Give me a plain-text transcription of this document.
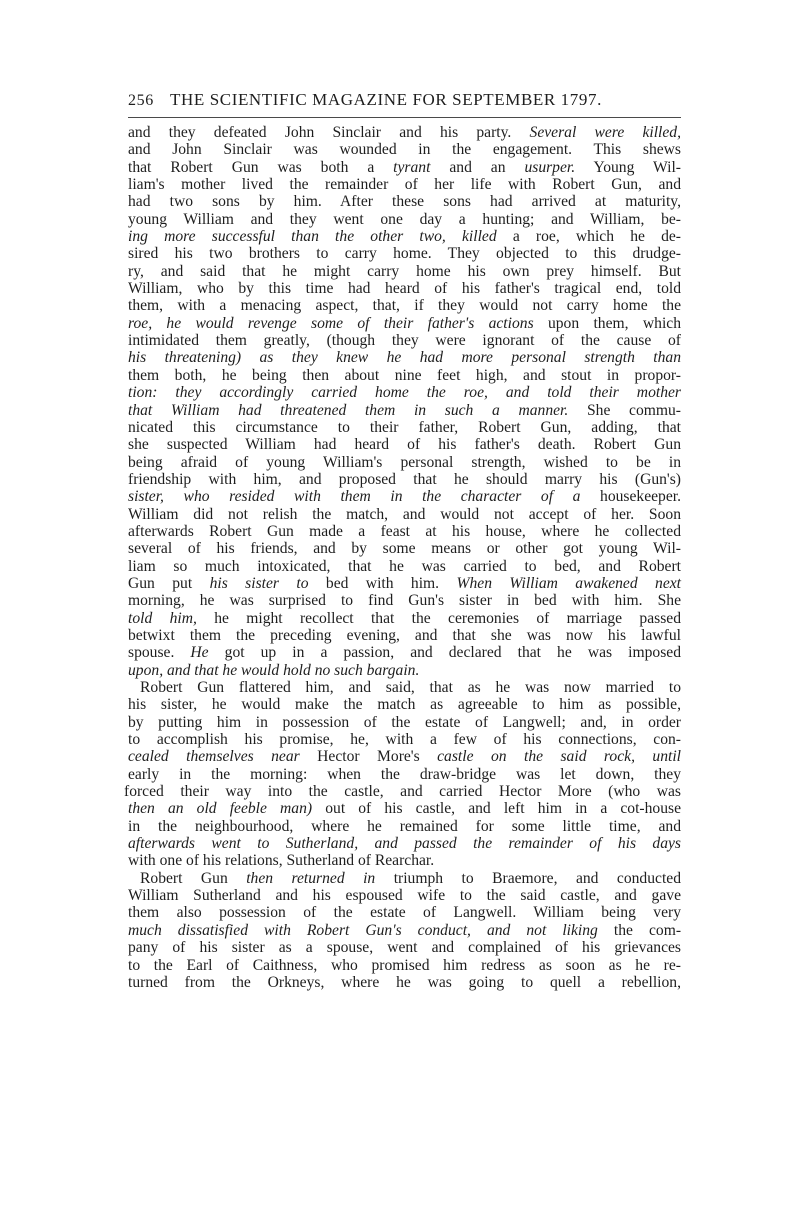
256 THE SCIENTIFIC MAGAZINE FOR SEPTEMBER 1797.
and they defeated John Sinclair and his party. Several were killed,
and John Sinclair was wounded in the engagement. This shews
that Robert Gun was both a tyrant and an usurper. Young Wil-
liam's mother lived the remainder of her life with Robert Gun, and
had two sons by him. After these sons had arrived at maturity,
young William and they went one day a hunting; and William, be-
ing more successful than the other two, killed a roe, which he de-
sired his two brothers to carry home. They objected to this drudge-
ry, and said that he might carry home his own prey himself. But
William, who by this time had heard of his father's tragical end, told
them, with a menacing aspect, that, if they would not carry home the
roe, he would revenge some of their father's actions upon them, which
intimidated them greatly, (though they were ignorant of the cause of
his threatening) as they knew he had more personal strength than
them both, he being then about nine feet high, and stout in propor-
tion: they accordingly carried home the roe, and told their mother
that William had threatened them in such a manner. She commu-
nicated this circumstance to their father, Robert Gun, adding, that
she suspected William had heard of his father's death. Robert Gun
being afraid of young William's personal strength, wished to be in
friendship with him, and proposed that he should marry his (Gun's)
sister, who resided with them in the character of a housekeeper.
William did not relish the match, and would not accept of her. Soon
afterwards Robert Gun made a feast at his house, where he collected
several of his friends, and by some means or other got young Wil-
liam so much intoxicated, that he was carried to bed, and Robert
Gun put his sister to bed with him. When William awakened next
morning, he was surprised to find Gun's sister in bed with him. She
told him, he might recollect that the ceremonies of marriage passed
betwixt them the preceding evening, and that she was now his lawful
spouse. He got up in a passion, and declared that he was imposed
upon, and that he would hold no such bargain.
Robert Gun flattered him, and said, that as he was now married to
his sister, he would make the match as agreeable to him as possible,
by putting him in possession of the estate of Langwell; and, in order
to accomplish his promise, he, with a few of his connections, con-
cealed themselves near Hector More's castle on the said rock, until
early in the morning: when the draw-bridge was let down, they
forced their way into the castle, and carried Hector More (who was
then an old feeble man) out of his castle, and left him in a cot-house
in the neighbourhood, where he remained for some little time, and
afterwards went to Sutherland, and passed the remainder of his days
with one of his relations, Sutherland of Rearchar.
Robert Gun then returned in triumph to Braemore, and conducted
William Sutherland and his espoused wife to the said castle, and gave
them also possession of the estate of Langwell. William being very
much dissatisfied with Robert Gun's conduct, and not liking the com-
pany of his sister as a spouse, went and complained of his grievances
to the Earl of Caithness, who promised him redress as soon as he re-
turned from the Orkneys, where he was going to quell a rebellion,
